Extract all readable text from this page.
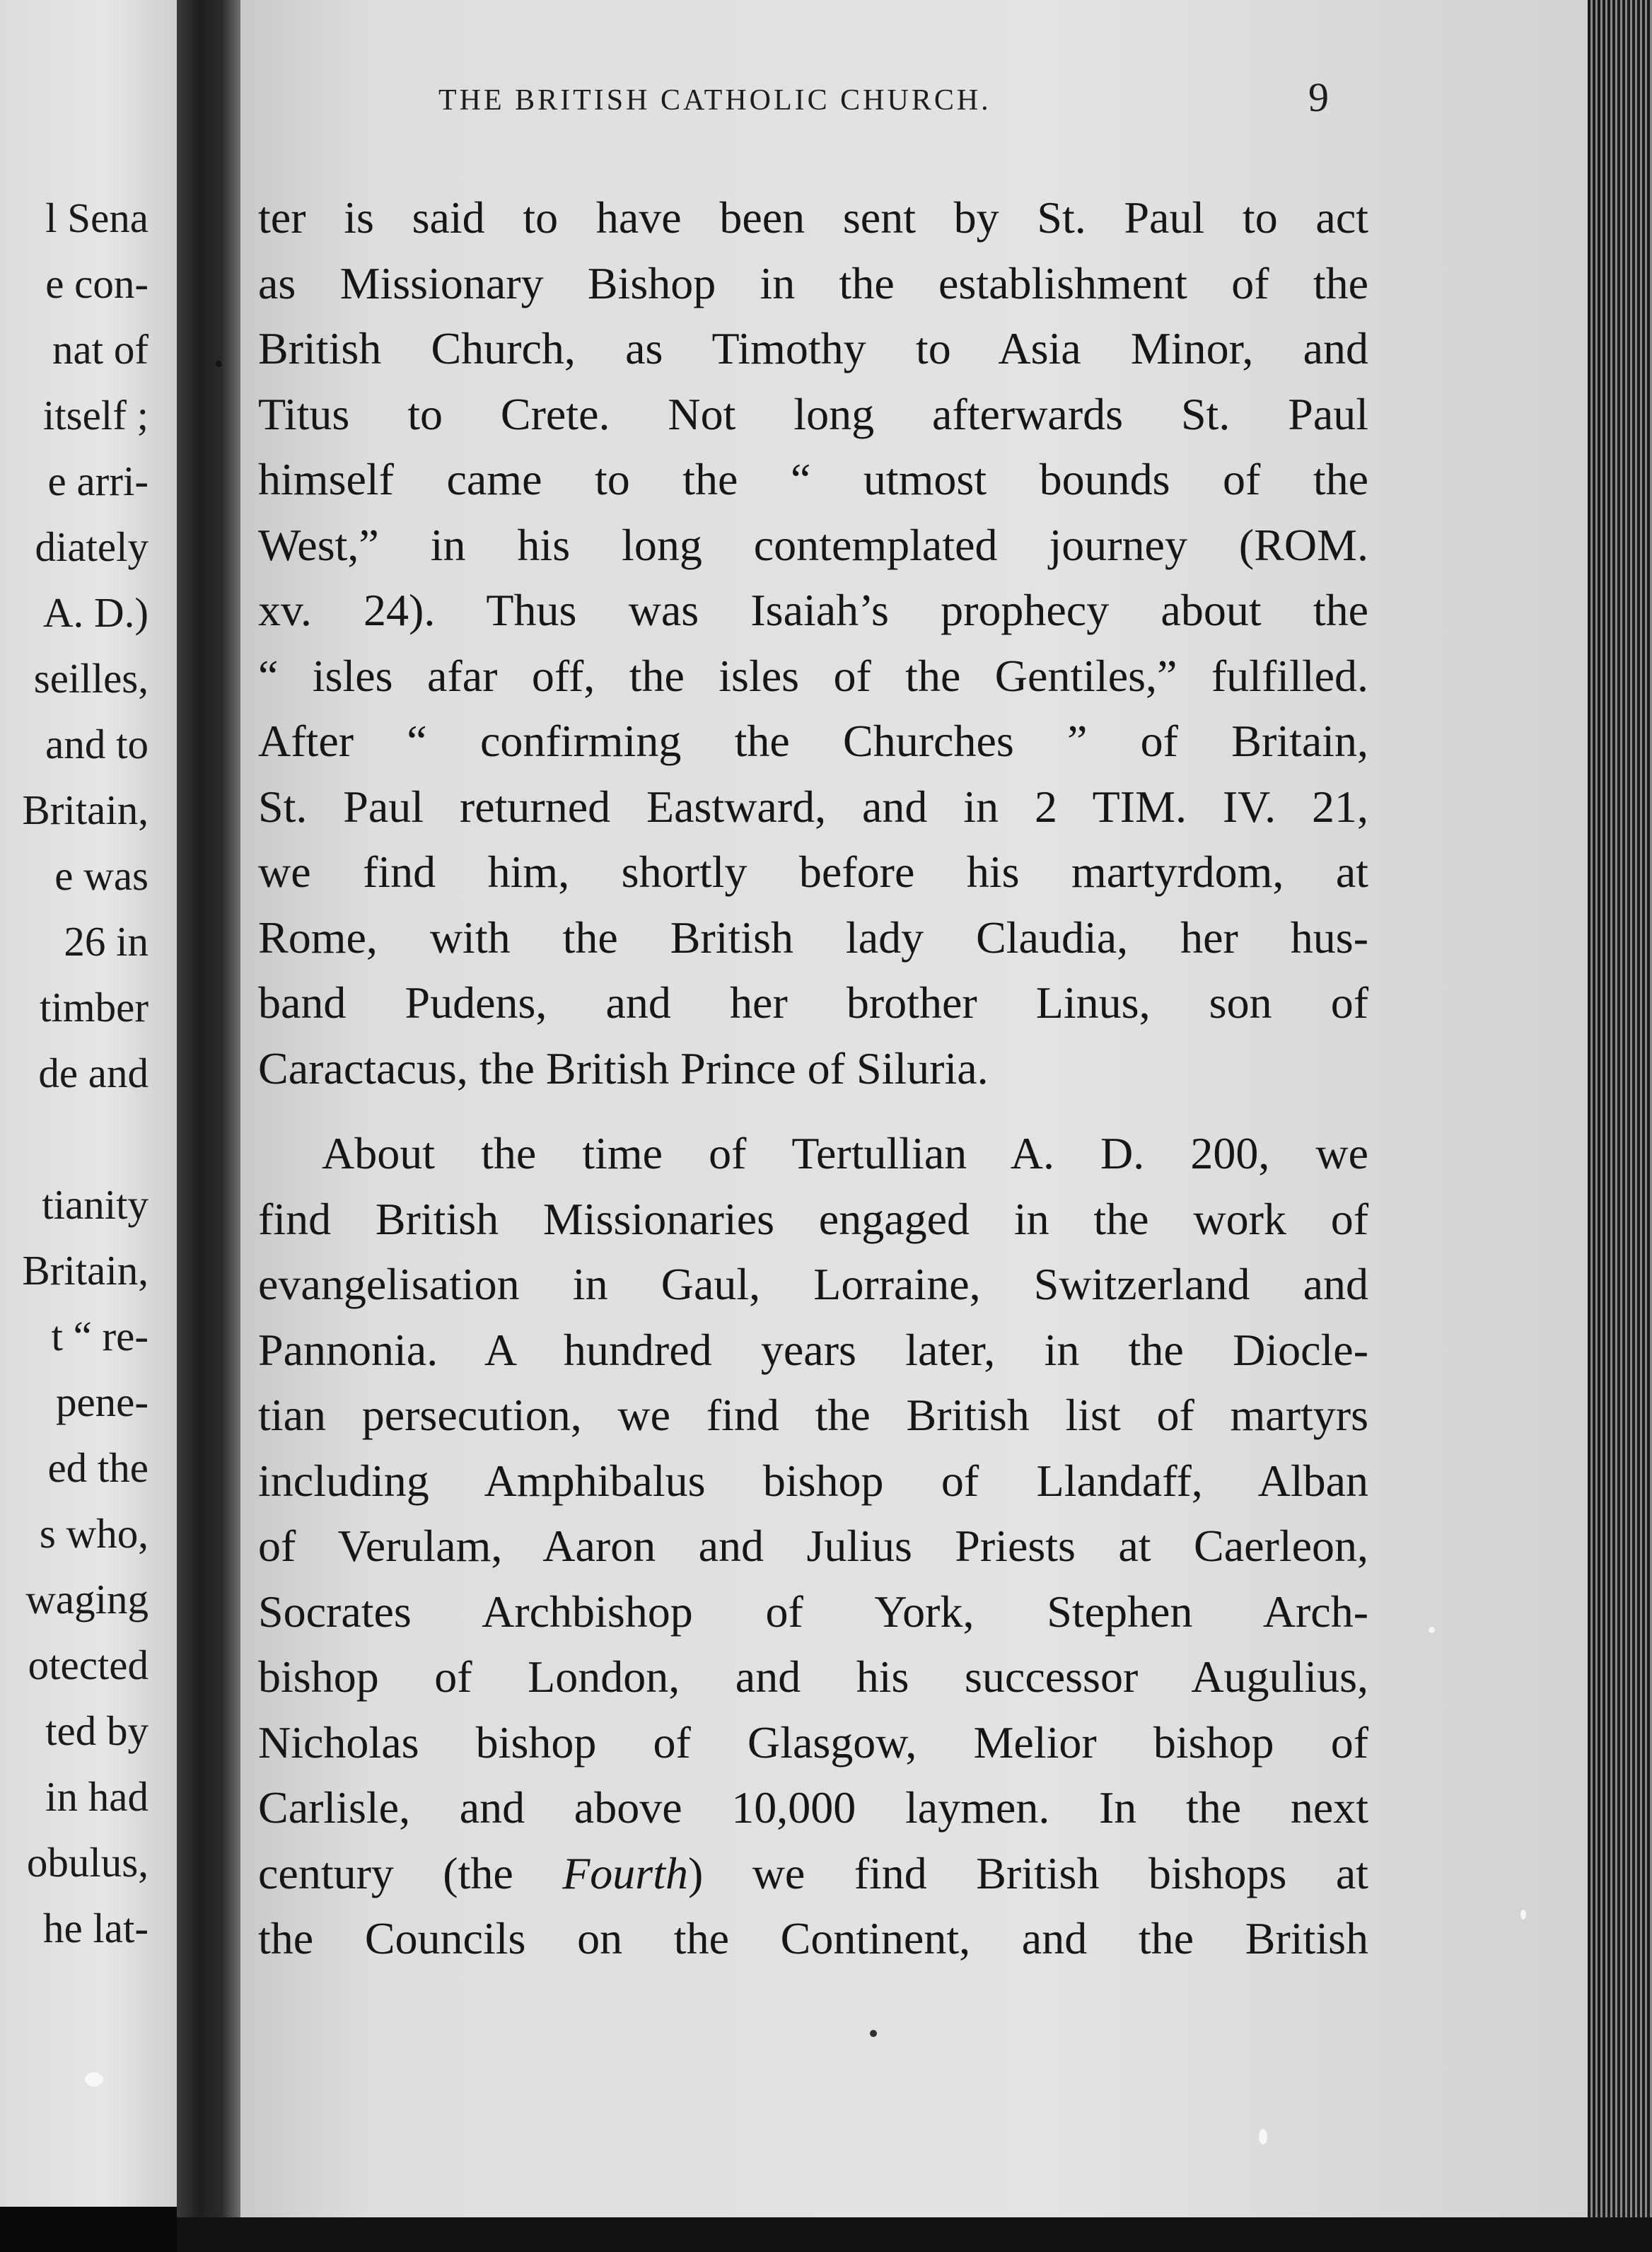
l Sena
e con-
nat of
itself ;
e arri-
diately
A. D.)
seilles,
and to
Britain,
e was
26 in
timber
de and
tianity
Britain,
t “ re-
pene-
ed the
s who,
waging
otected
ted by
in had
obulus,
he lat-
THE BRITISH CATHOLIC CHURCH.	9
ter is said to have been sent by St. Paul to act
as Missionary Bishop in the establishment of the
British Church, as Timothy to Asia Minor, and
Titus to Crete. Not long afterwards St. Paul
himself came to the “ utmost bounds of the
West,” in his long contemplated journey (ROM.
xv. 24). Thus was Isaiah’s prophecy about the
“ isles afar off, the isles of the Gentiles,” fulfilled.
After “ confirming the Churches ” of Britain,
St. Paul returned Eastward, and in 2 TIM. IV. 21,
we find him, shortly before his martyrdom, at
Rome, with the British lady Claudia, her hus-
band Pudens, and her brother Linus, son of
Caractacus, the British Prince of Siluria.
About the time of Tertullian A. D. 200, we
find British Missionaries engaged in the work of
evangelisation in Gaul, Lorraine, Switzerland and
Pannonia. A hundred years later, in the Diocle-
tian persecution, we find the British list of martyrs
including Amphibalus bishop of Llandaff, Alban
of Verulam, Aaron and Julius Priests at Caerleon,
Socrates Archbishop of York, Stephen Arch-
bishop of London, and his successor Augulius,
Nicholas bishop of Glasgow, Melior bishop of
Carlisle, and above 10,000 laymen. In the next
century (the Fourth) we find British bishops at
the Councils on the Continent, and the British
